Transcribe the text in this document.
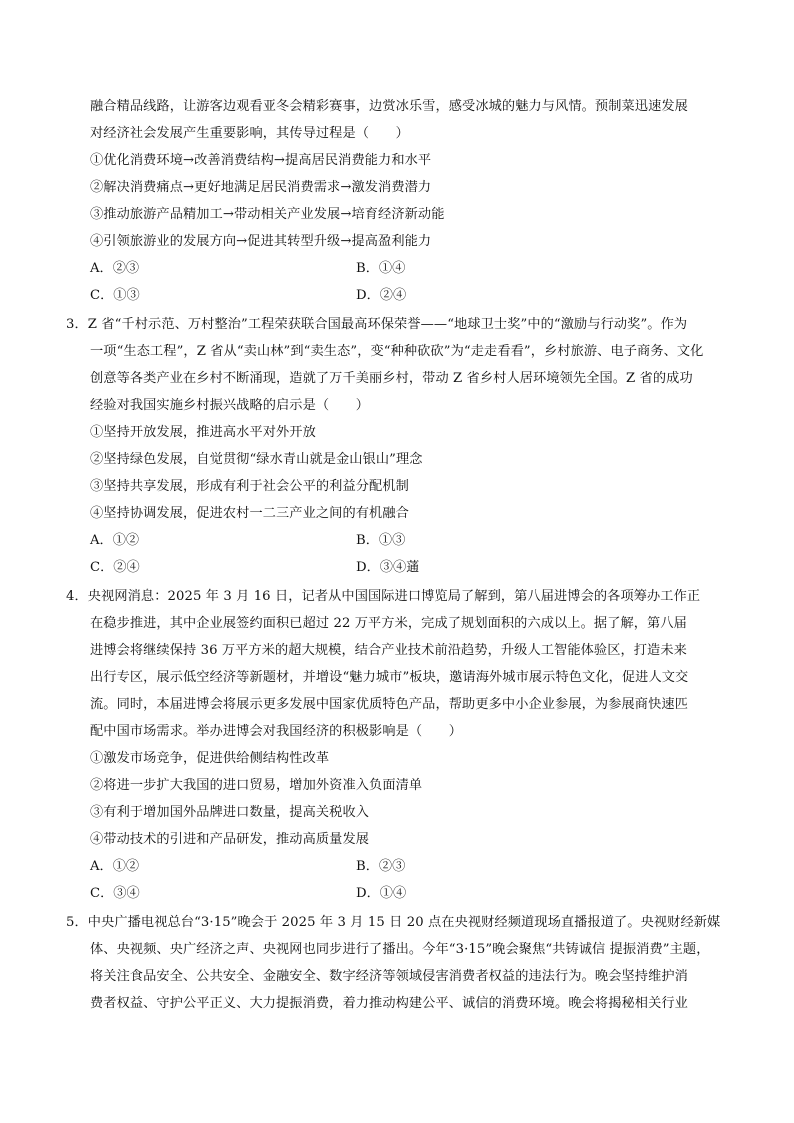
融合精品线路，让游客边观看亚冬会精彩赛事，边赏冰乐雪，感受冰城的魅力与风情。预制菜迅速发展
对经济社会发展产生重要影响，其传导过程是（　　）
①优化消费环境→改善消费结构→提高居民消费能力和水平
②解决消费痛点→更好地满足居民消费需求→激发消费潜力
③推动旅游产品精加工→带动相关产业发展→培育经济新动能
④引领旅游业的发展方向→促进其转型升级→提高盈利能力
A．②③	B．①④
C．①③	D．②④
3．Z 省“千村示范、万村整治”工程荣获联合国最高环保荣誉——“地球卫士奖”中的“激励与行动奖”。作为
一项“生态工程”，Z 省从“卖山林”到“卖生态”，变“种种砍砍”为“走走看看”，乡村旅游、电子商务、文化
创意等各类产业在乡村不断涌现，造就了万千美丽乡村，带动 Z 省乡村人居环境领先全国。Z 省的成功
经验对我国实施乡村振兴战略的启示是（　　）
①坚持开放发展，推进高水平对外开放
②坚持绿色发展，自觉贯彻“绿水青山就是金山银山”理念
③坚持共享发展，形成有利于社会公平的利益分配机制
④坚持协调发展，促进农村一二三产业之间的有机融合
A．①②	B．①③
C．②④	D．③④蓪
4．央视网消息：2025 年 3 月 16 日，记者从中国国际进口博览局了解到，第八届进博会的各项筹办工作正
在稳步推进，其中企业展签约面积已超过 22 万平方米，完成了规划面积的六成以上。据了解，第八届
进博会将继续保持 36 万平方米的超大规模，结合产业技术前沿趋势，升级人工智能体验区，打造未来
出行专区，展示低空经济等新题材，并增设“魅力城市”板块，邀请海外城市展示特色文化，促进人文交
流。同时，本届进博会将展示更多发展中国家优质特色产品，帮助更多中小企业参展，为参展商快速匹
配中国市场需求。举办进博会对我国经济的积极影响是（　　）
①激发市场竞争，促进供给侧结构性改革
②将进一步扩大我国的进口贸易，增加外资准入负面清单
③有利于增加国外品牌进口数量，提高关税收入
④带动技术的引进和产品研发，推动高质量发展
A．①②	B．②③
C．③④	D．①④
5．中央广播电视总台“3·15”晚会于 2025 年 3 月 15 日 20 点在央视财经频道现场直播报道了。央视财经新媒
体、央视频、央广经济之声、央视网也同步进行了播出。今年“3·15”晚会聚焦“共铸诚信 提振消费”主题，
将关注食品安全、公共安全、金融安全、数字经济等领域侵害消费者权益的违法行为。晚会坚持维护消
费者权益、守护公平正义、大力提振消费，着力推动构建公平、诚信的消费环境。晚会将揭秘相关行业
